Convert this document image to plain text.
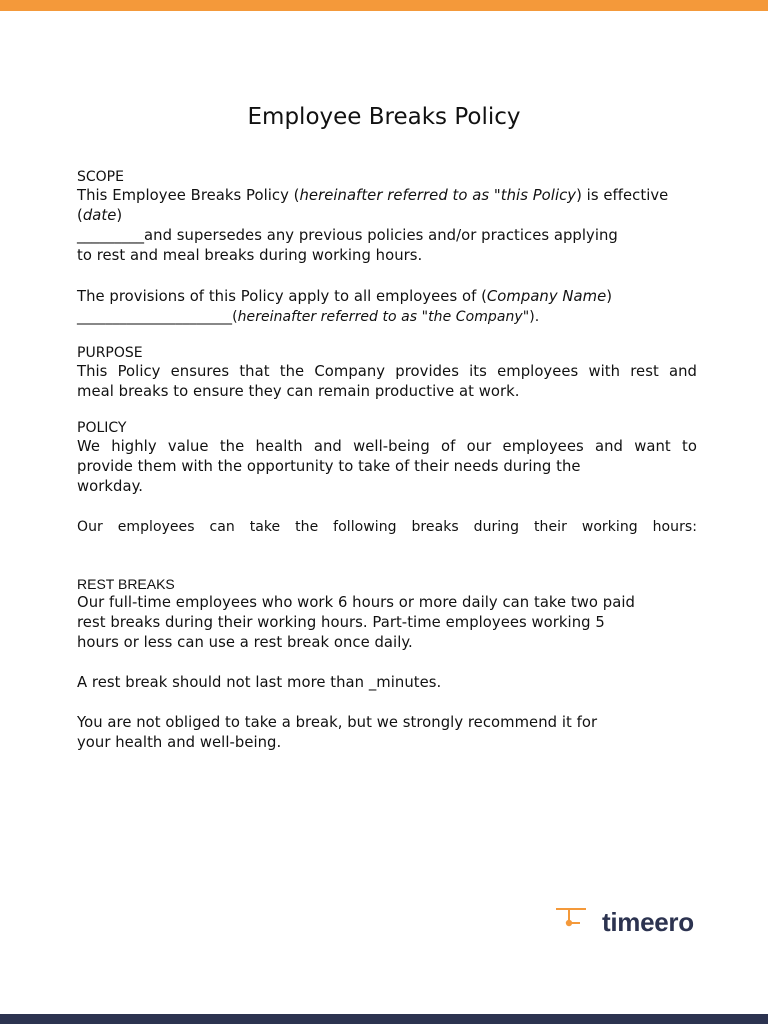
Employee Breaks Policy
SCOPE
This Employee Breaks Policy (hereinafter referred to as "this Policy) is effective
(date)
_________and supersedes any previous policies and/or practices applying
to rest and meal breaks during working hours.
The provisions of this Policy apply to all employees of (Company Name)
______________________(hereinafter referred to as "the Company").
PURPOSE
This Policy ensures that the Company provides its employees with rest and
meal breaks to ensure they can remain productive at work.
POLICY
We highly value the health and well-being of our employees and want to
provide them with the opportunity to take of their needs during the
workday.
Our employees can take the following breaks during their working hours:
REST BREAKS
Our full-time employees who work 6 hours or more daily can take two paid
rest breaks during their working hours. Part-time employees working 5
hours or less can use a rest break once daily.
A rest break should not last more than _minutes.
You are not obliged to take a break, but we strongly recommend it for
your health and well-being.
timeero
